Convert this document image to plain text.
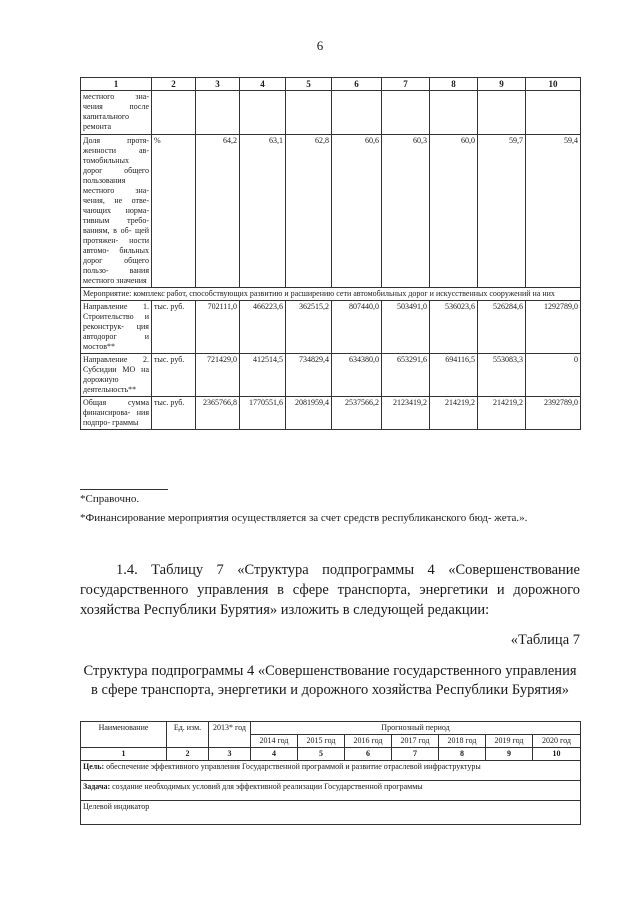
6
1	2	3	4	5	6	7	8	9	10
местного зна- чения после капитального ремонта									
Доля протя- женности ав- томобильных дорог общего пользования местного зна- чения, не отве- чающих норма- тивным требо- ваниям, в об- щей протяжен- ности автомо- бильных дорог общего пользо- вания местного значения	%	64,2	63,1	62,8	60,6	60,3	60,0	59,7	59,4
Мероприятие: комплекс работ, способствующих развитию и расширению сети автомобильных дорог и искусственных сооружений на них									
Направление 1. Строительство и реконструк- ция автодорог и мостов**	тыс. руб.	702111,0	466223,6	362515,2	807440,0	503491,0	536023,6	526284,6	1292789,0
Направление 2. Субсидии МО на дорожную деятельность**	тыс. руб.	721429,0	412514,5	734829,4	634380,0	653291,6	694116,5	553083,3	0
Общая сумма финансирова- ния подпро- граммы	тыс. руб.	2365766,8	1770551,6	2081959,4	2537566,2	2123419,2	214219,2	214219,2	2392789,0
*Справочно.
*Финансирование мероприятия осуществляется за счет средств республиканского бюд- жета.».
1.4. Таблицу 7 «Структура подпрограммы 4 «Совершенствование государственного управления в сфере транспорта, энергетики и дорожного хозяйства Республики Бурятия» изложить в следующей редакции:
«Таблица 7
Структура подпрограммы 4 «Совершенствование государственного управления в сфере транспорта, энергетики и дорожного хозяйства Республики Бурятия»
Наименование	Ед. изм.	2013* год	Прогнозный период						
			2014 год	2015 год	2016 год	2017 год	2018 год	2019 год	2020 год
1	2	3	4	5	6	7	8	9	10
Цель: обеспечение эффективного управления Государственной программой и развитие отраслевой инфраструктуры									
Задача: создание необходимых условий для эффективной реализации Государственной программы									
Целевой индикатор									
